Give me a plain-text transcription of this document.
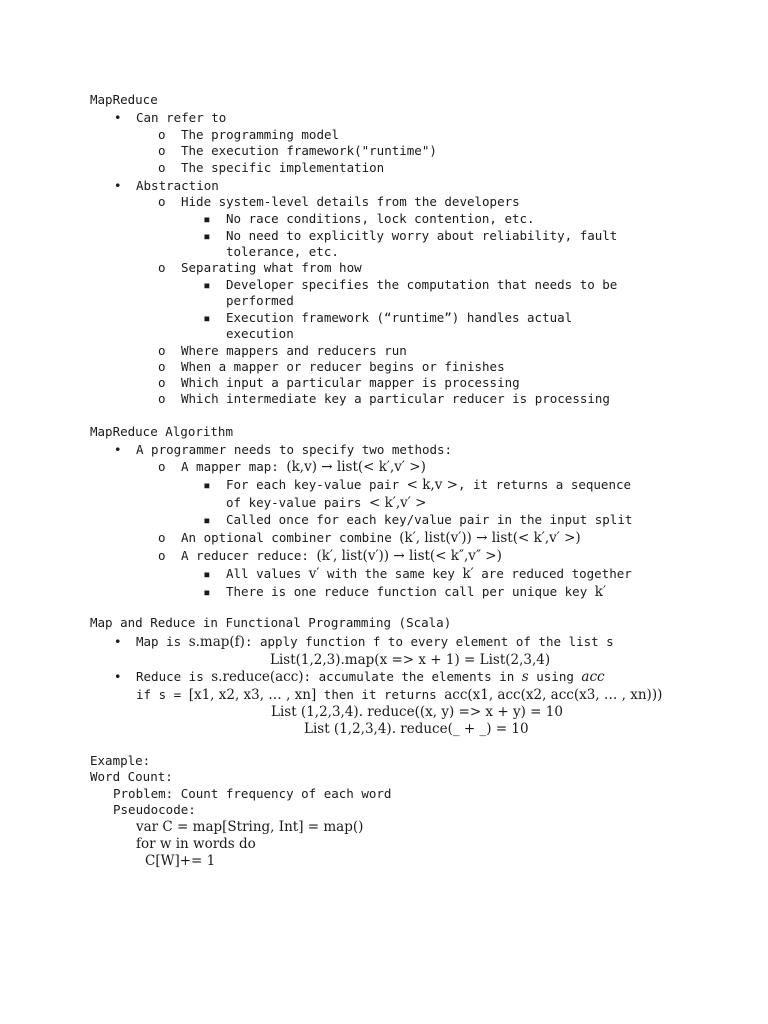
MapReduce
• Can refer to
o The programming model
o The execution framework("runtime")
o The specific implementation
• Abstraction
o Hide system-level details from the developers
▪ No race conditions, lock contention, etc.
▪ No need to explicitly worry about reliability, fault
tolerance, etc.
o Separating what from how
▪ Developer specifies the computation that needs to be
performed
▪ Execution framework (“runtime”) handles actual
execution
o Where mappers and reducers run
o When a mapper or reducer begins or finishes
o Which input a particular mapper is processing
o Which intermediate key a particular reducer is processing
MapReduce Algorithm
• A programmer needs to specify two methods:
o A mapper map: (k,v) → list(< k′,v′ >)
▪ For each key-value pair < k,v >, it returns a sequence
of key-value pairs < k′,v′ >
▪ Called once for each key/value pair in the input split
o An optional combiner combine (k′, list(v′)) → list(< k′,v′ >)
o A reducer reduce: (k′, list(v′)) → list(< k″,v″ >)
▪ All values v′ with the same key k′ are reduced together
▪ There is one reduce function call per unique key k′
Map and Reduce in Functional Programming (Scala)
• Map is s.map(f): apply function f to every element of the list s
List(1,2,3).map(x => x + 1) = List(2,3,4)
• Reduce is s.reduce(acc): accumulate the elements in s using acc
if s = [x1, x2, x3, … , xn] then it returns acc(x1, acc(x2, acc(x3, … , xn)))
List (1,2,3,4). reduce((x, y) => x + y) = 10
List (1,2,3,4). reduce(_ + _) = 10
Example:
Word Count:
Problem: Count frequency of each word
Pseudocode:
var C = map[String, Int] = map()
for w in words do
C[W]+= 1
